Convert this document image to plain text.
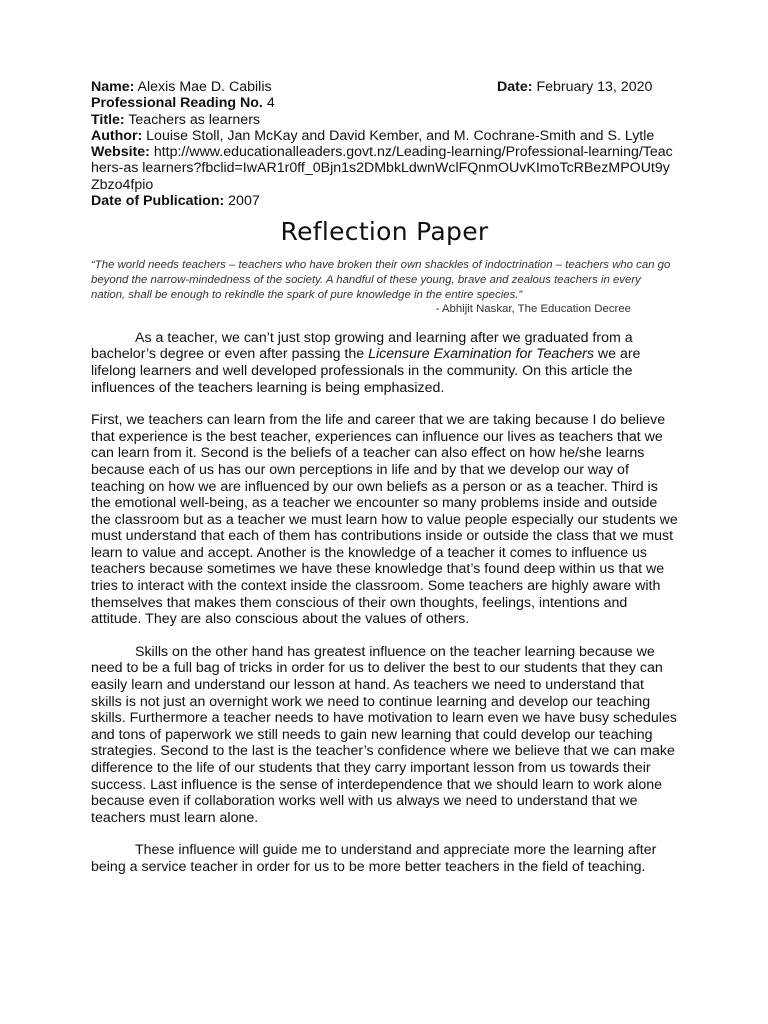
Name: Alexis Mae D. Cabilis	Date: February 13, 2020
Professional Reading No. 4
Title: Teachers as learners
Author: Louise Stoll, Jan McKay and David Kember, and M. Cochrane-Smith and S. Lytle
Website: http://www.educationalleaders.govt.nz/Leading-learning/Professional-learning/Teachers-as learners?fbclid=IwAR1r0ff_0Bjn1s2DMbkLdwnWclFQnmOUvKImoTcRBezMPOUt9yZbzo4fpio
Date of Publication: 2007
Reflection Paper
“The world needs teachers – teachers who have broken their own shackles of indoctrination – teachers who can go beyond the narrow-mindedness of the society. A handful of these young, brave and zealous teachers in every nation, shall be enough to rekindle the spark of pure knowledge in the entire species.”
- Abhijit Naskar, The Education Decree

As a teacher, we can’t just stop growing and learning after we graduated from a bachelor’s degree or even after passing the Licensure Examination for Teachers we are lifelong learners and well developed professionals in the community. On this article the influences of the teachers learning is being emphasized.

First, we teachers can learn from the life and career that we are taking because I do believe that experience is the best teacher, experiences can influence our lives as teachers that we can learn from it. Second is the beliefs of a teacher can also effect on how he/she learns because each of us has our own perceptions in life and by that we develop our way of teaching on how we are influenced by our own beliefs as a person or as a teacher. Third is the emotional well-being, as a teacher we encounter so many problems inside and outside the classroom but as a teacher we must learn how to value people especially our students we must understand that each of them has contributions inside or outside the class that we must learn to value and accept. Another is the knowledge of a teacher it comes to influence us teachers because sometimes we have these knowledge that’s found deep within us that we tries to interact with the context inside the classroom. Some teachers are highly aware with themselves that makes them conscious of their own thoughts, feelings, intentions and attitude. They are also conscious about the values of others.

Skills on the other hand has greatest influence on the teacher learning because we need to be a full bag of tricks in order for us to deliver the best to our students that they can easily learn and understand our lesson at hand. As teachers we need to understand that skills is not just an overnight work we need to continue learning and develop our teaching skills. Furthermore a teacher needs to have motivation to learn even we have busy schedules and tons of paperwork we still needs to gain new learning that could develop our teaching strategies. Second to the last is the teacher’s confidence where we believe that we can make difference to the life of our students that they carry important lesson from us towards their success. Last influence is the sense of interdependence that we should learn to work alone because even if collaboration works well with us always we need to understand that we teachers must learn alone.

These influence will guide me to understand and appreciate more the learning after being a service teacher in order for us to be more better teachers in the field of teaching.
